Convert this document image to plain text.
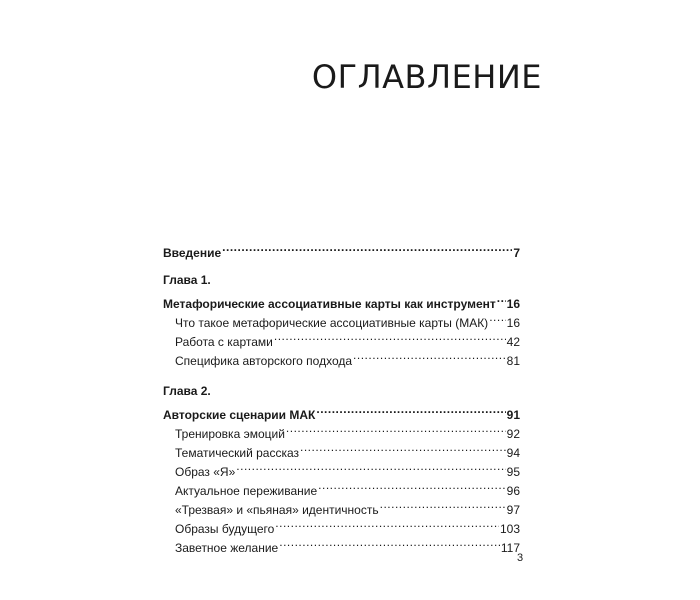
ОГЛАВЛЕНИЕ
Введение .....	7
Глава 1.
Метафорические ассоциативные карты как инструмент ..... 16
Что такое метафорические ассоциативные карты (МАК) ..... 16
Работа с картами .....	42
Специфика авторского подхода .....	81
Глава 2.
Авторские сценарии МАК .....	91
Тренировка эмоций .....	92
Тематический рассказ .....	94
Образ «Я» .....	95
Актуальное переживание .....	96
«Трезвая» и «пьяная» идентичность .....	97
Образы будущего .....	103
Заветное желание .....	117
3
